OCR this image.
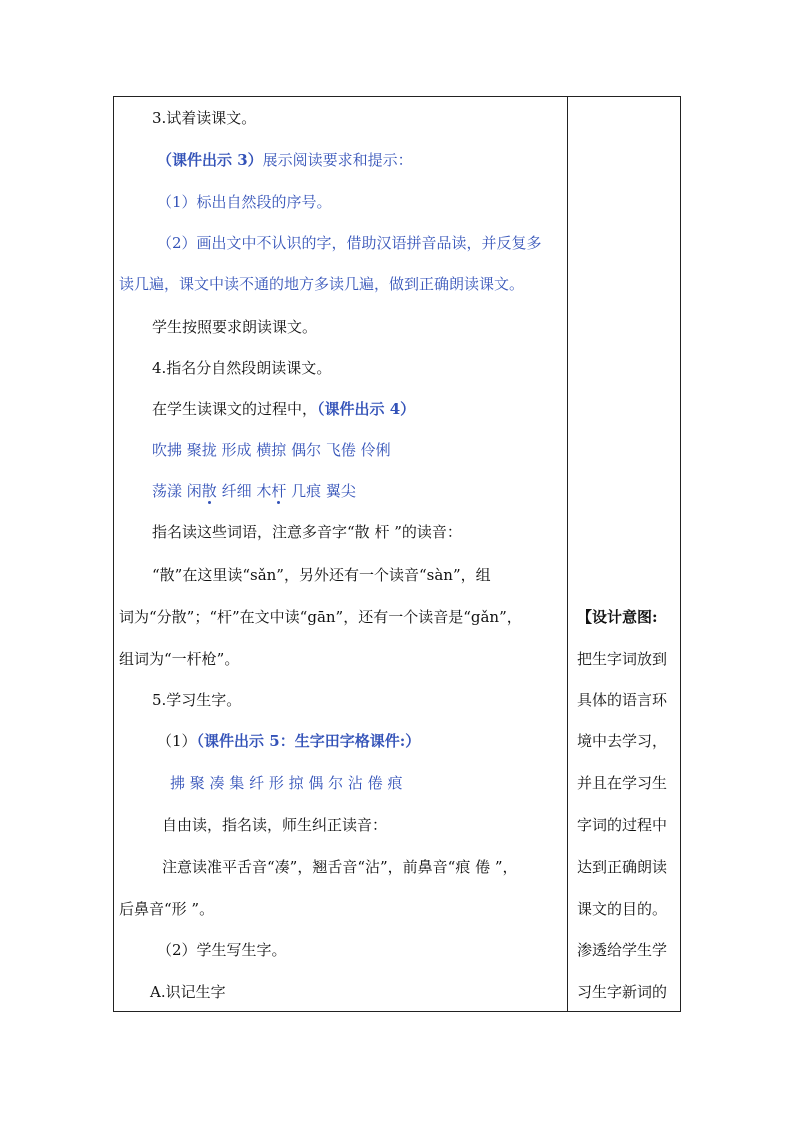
3.试着读课文。
（课件出示 3）展示阅读要求和提示：
（1）标出自然段的序号。
（2）画出文中不认识的字，借助汉语拼音品读，并反复多
读几遍，课文中读不通的地方多读几遍，做到正确朗读课文。
学生按照要求朗读课文。
4.指名分自然段朗读课文。
在学生读课文的过程中，（课件出示 4）
吹拂 聚拢 形成 横掠 偶尔 飞倦 伶俐
荡漾 闲散 纤细 木杆 几痕 翼尖
指名读这些词语，注意多音字“散 杆 ”的读音：
“散”在这里读“sǎn”，另外还有一个读音“sàn”，组
词为“分散”；“杆”在文中读“gān”，还有一个读音是“gǎn”，
组词为“一杆枪”。
5.学习生字。
（1）（课件出示 5：生字田字格课件:）
拂 聚 凑 集 纤 形 掠 偶 尔 沾 倦 痕
自由读，指名读，师生纠正读音：
注意读准平舌音“凑”，翘舌音“沾”，前鼻音“痕 倦 ”，
后鼻音“形 ”。
（2）学生写生字。
A.识记生字
【设计意图:
把生字词放到
具体的语言环
境中去学习，
并且在学习生
字词的过程中
达到正确朗读
课文的目的。
渗透给学生学
习生字新词的
